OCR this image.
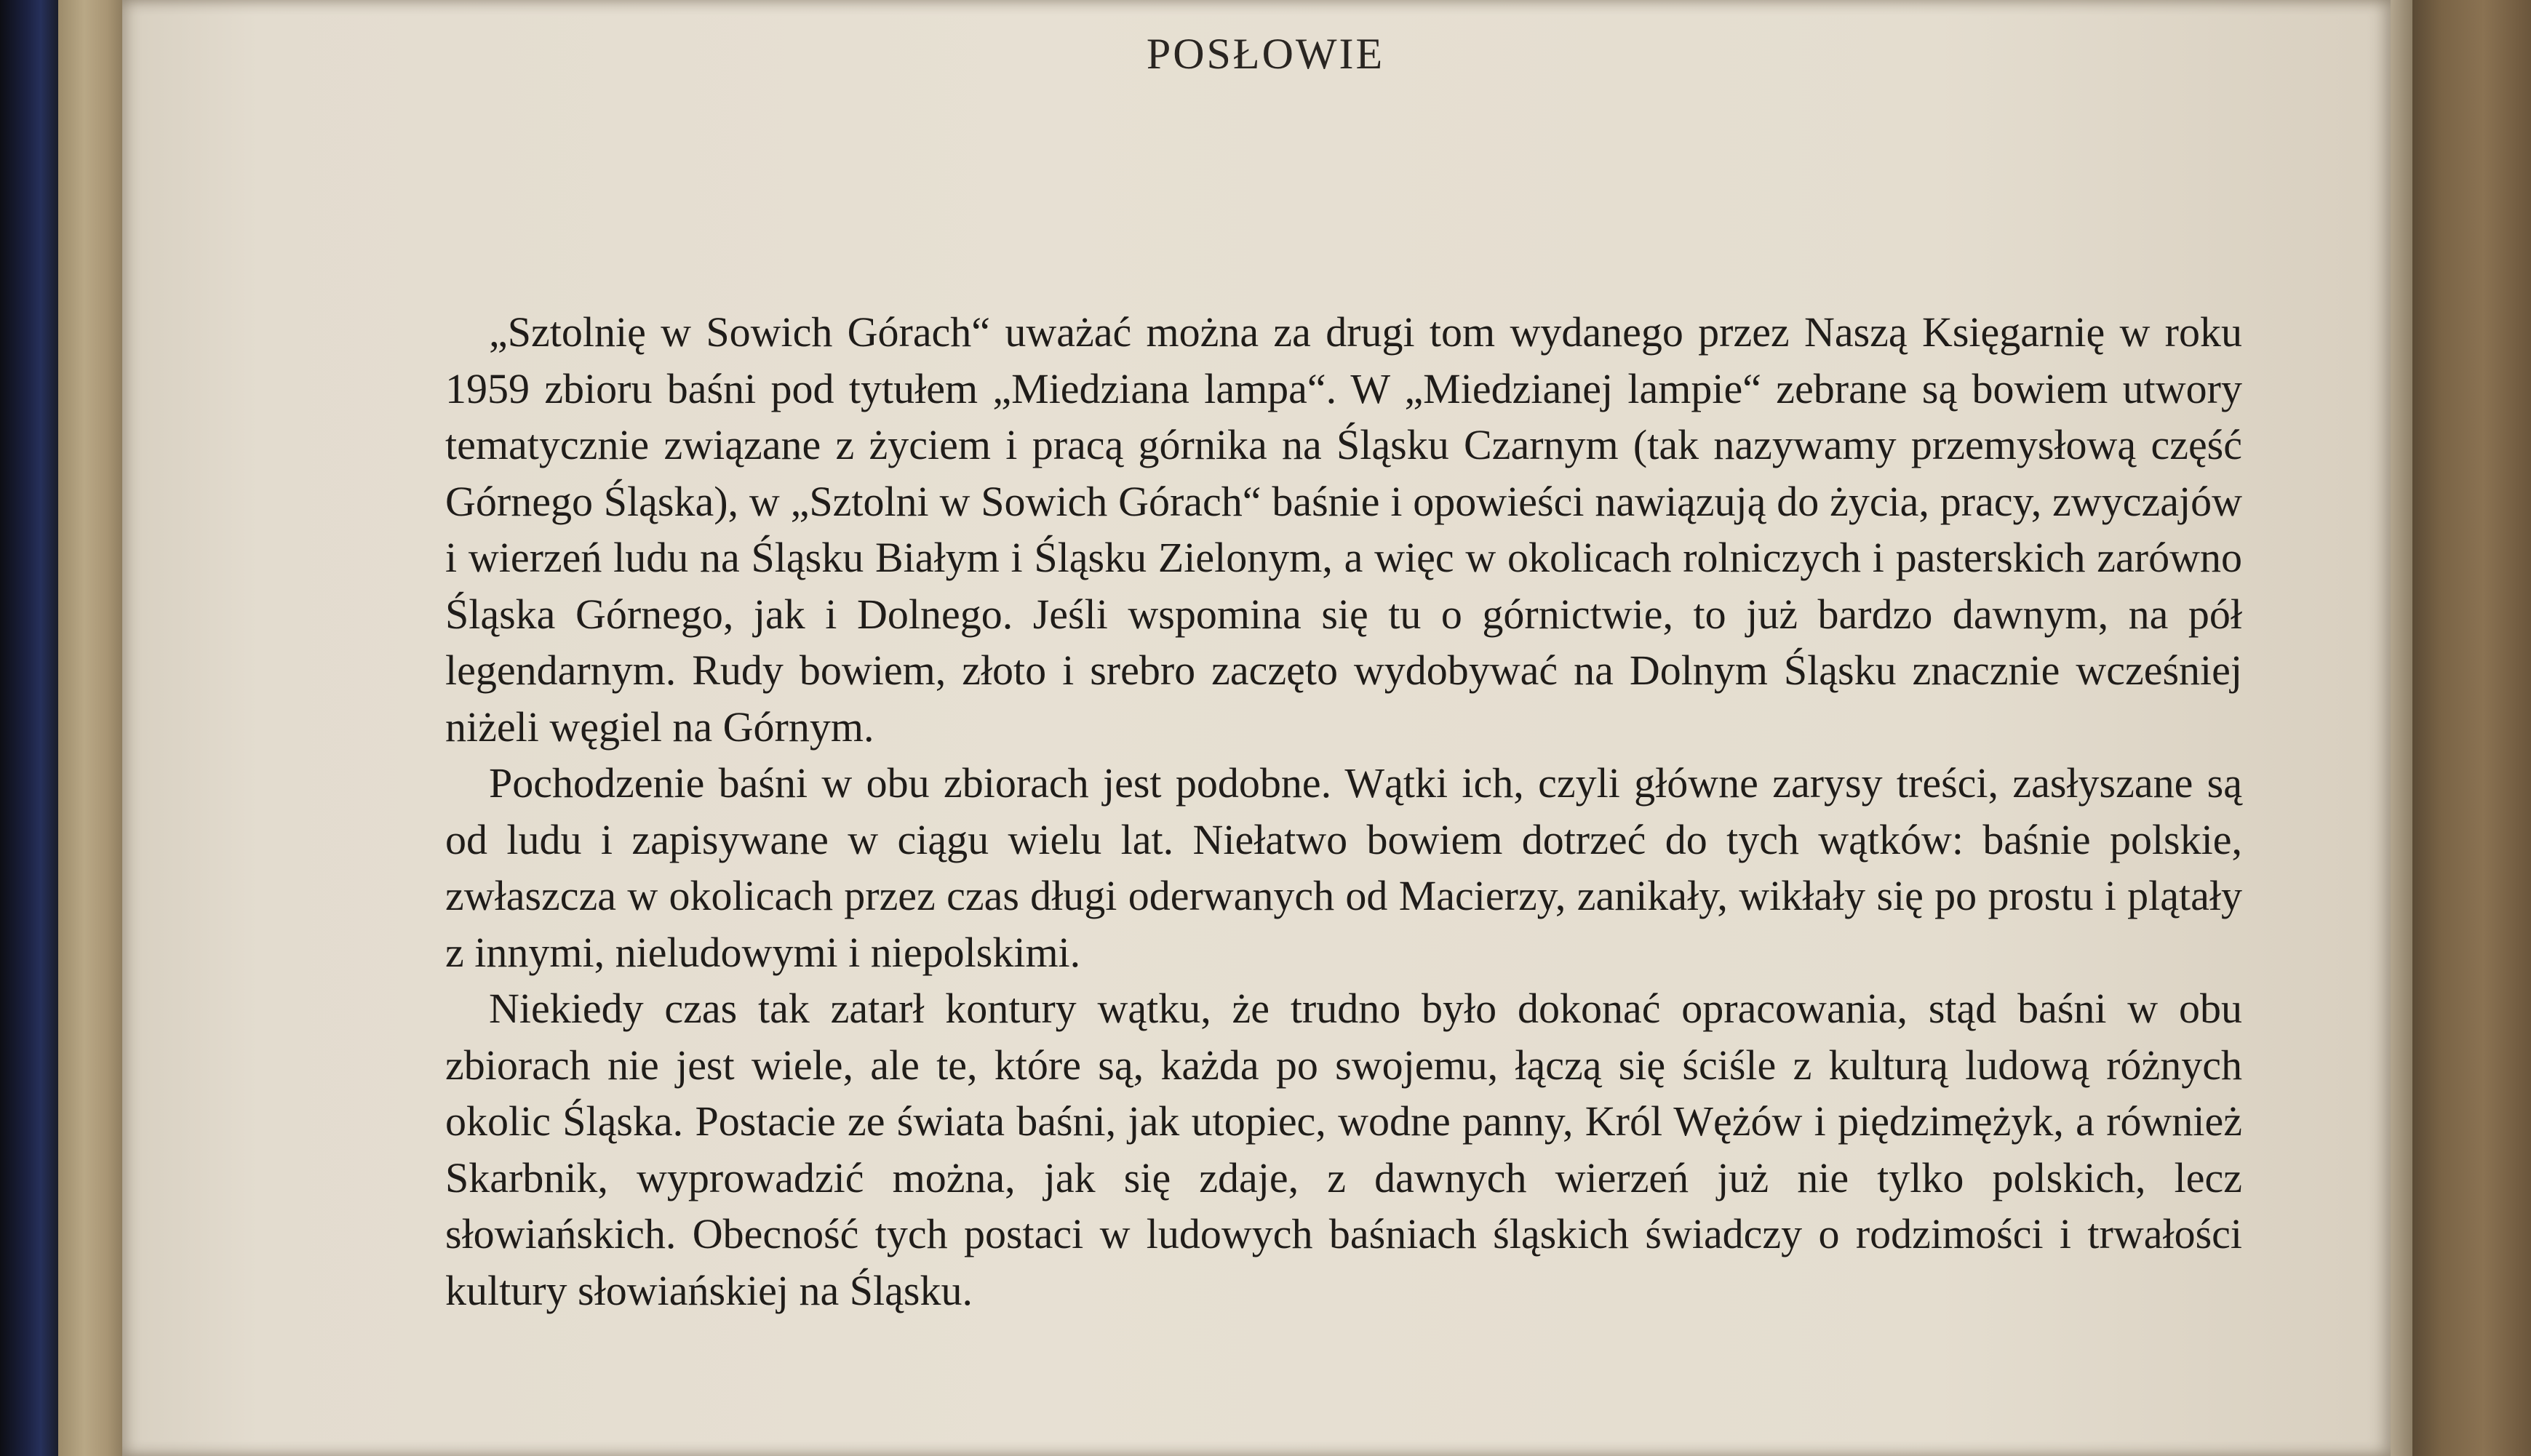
POSŁOWIE

„Sztolnię w Sowich Górach“ uważać można za drugi tom wydanego przez Naszą Księgarnię w roku 1959 zbioru baśni pod tytułem „Miedziana lampa“. W „Miedzianej lampie“ zebrane są bowiem utwory tematycznie związane z życiem i pracą górnika na Śląsku Czarnym (tak nazywamy przemysłową część Górnego Śląska), w „Sztolni w Sowich Górach“ baśnie i opowieści nawiązują do życia, pracy, zwyczajów i wierzeń ludu na Śląsku Białym i Śląsku Zielonym, a więc w okolicach rolniczych i pasterskich zarówno Śląska Górnego, jak i Dolnego. Jeśli wspomina się tu o górnictwie, to już bardzo dawnym, na pół legendarnym. Rudy bowiem, złoto i srebro zaczęto wydobywać na Dolnym Śląsku znacznie wcześniej niżeli węgiel na Górnym.

Pochodzenie baśni w obu zbiorach jest podobne. Wątki ich, czyli główne zarysy treści, zasłyszane są od ludu i zapisywane w ciągu wielu lat. Niełatwo bowiem dotrzeć do tych wątków: baśnie polskie, zwłaszcza w okolicach przez czas długi oderwanych od Macierzy, zanikały, wikłały się po prostu i plątały z innymi, nieludowymi i niepolskimi.

Niekiedy czas tak zatarł kontury wątku, że trudno było dokonać opracowania, stąd baśni w obu zbiorach nie jest wiele, ale te, które są, każda po swojemu, łączą się ściśle z kulturą ludową różnych okolic Śląska. Postacie ze świata baśni, jak utopiec, wodne panny, Król Wężów i piędzimężyk, a również Skarbnik, wyprowadzić można, jak się zdaje, z dawnych wierzeń już nie tylko polskich, lecz słowiańskich. Obecność tych postaci w ludowych baśniach śląskich świadczy o rodzimości i trwałości kultury słowiańskiej na Śląsku.
